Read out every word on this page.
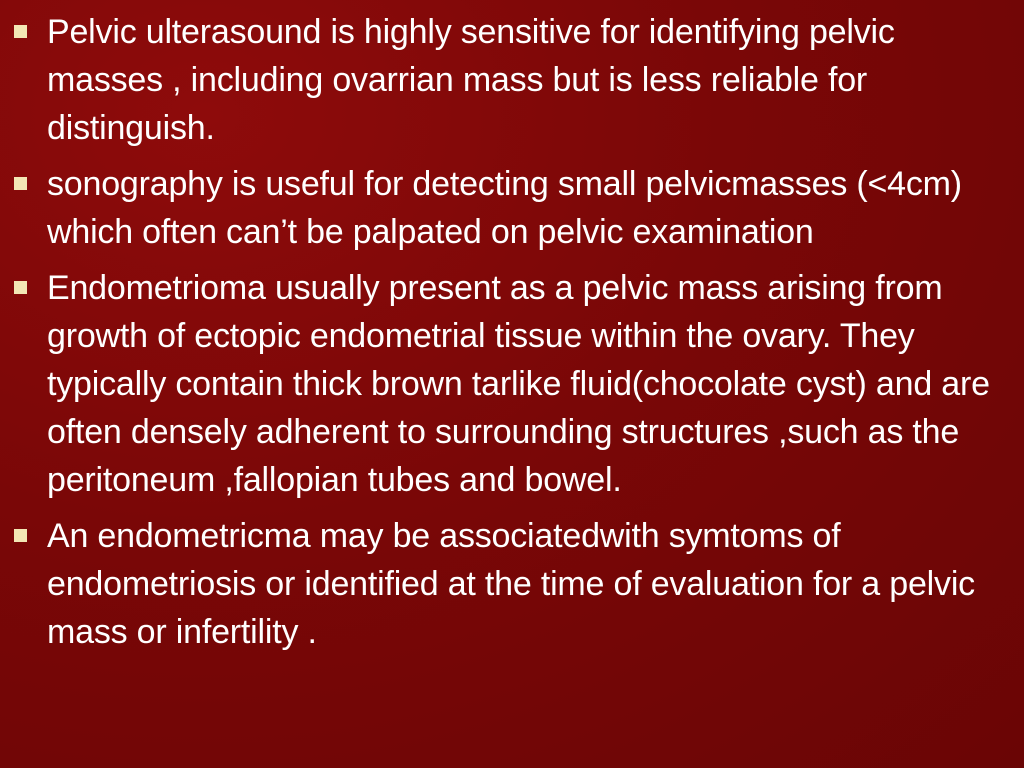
Pelvic ulterasound is highly sensitive for identifying pelvic masses , including ovarrian mass but is less reliable for distinguish.
sonography is useful for detecting small pelvicmasses (<4cm) which often can’t be palpated on pelvic examination
Endometrioma usually present as a pelvic mass arising from growth of ectopic endometrial tissue within the ovary. They typically contain thick brown tarlike fluid(chocolate cyst) and are often densely adherent to surrounding structures ,such as the peritoneum ,fallopian tubes and bowel.
An endometricma may be associatedwith symtoms of endometriosis or identified at the time of evaluation for a pelvic mass or infertility .
